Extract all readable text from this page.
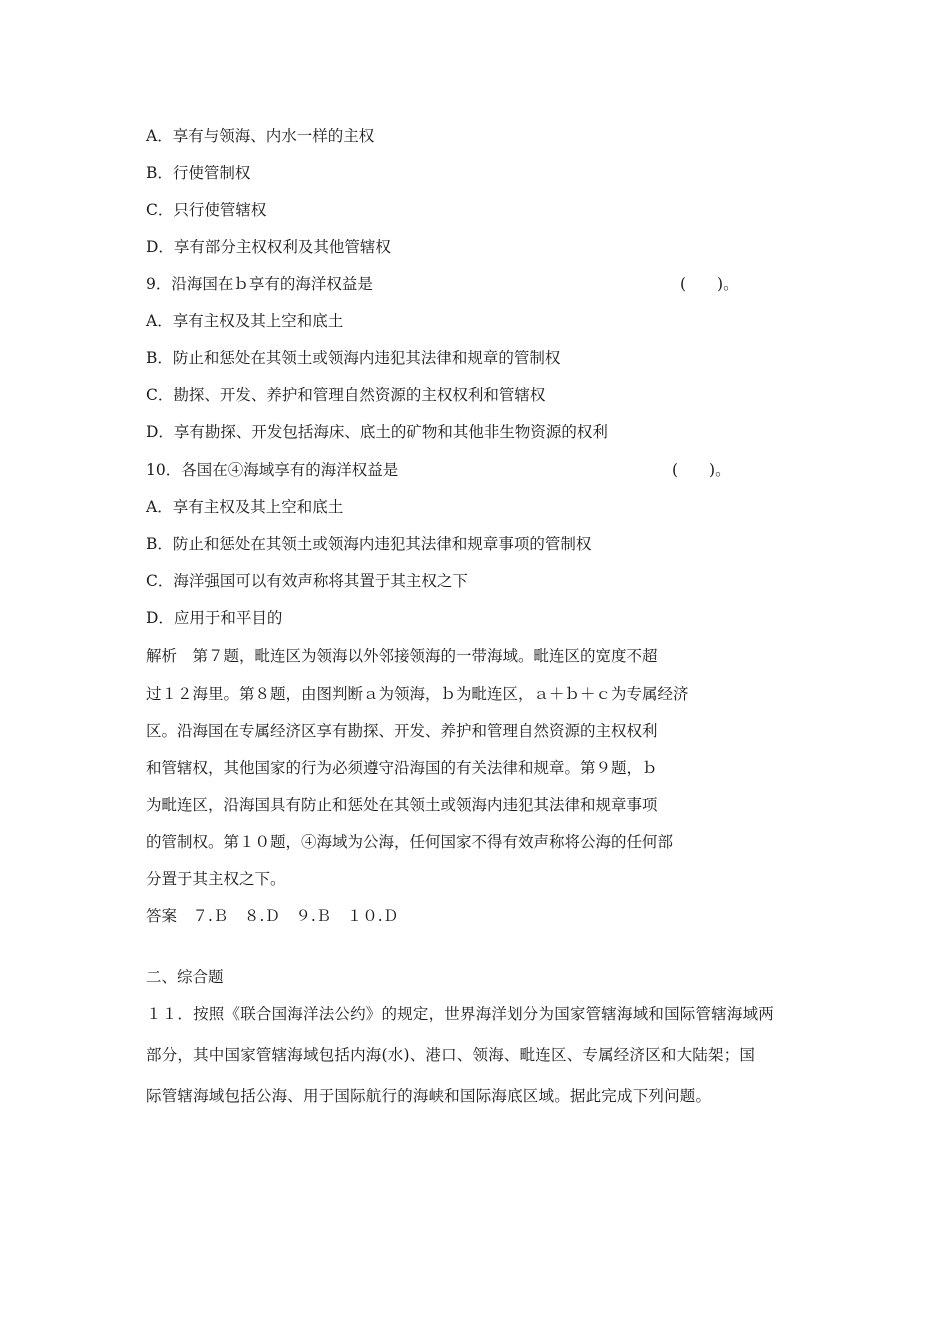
A．享有与领海、内水一样的主权
B．行使管制权
C．只行使管辖权
D．享有部分主权权利及其他管辖权
9．沿海国在ｂ享有的海洋权益是	(　　)。
A．享有主权及其上空和底土
B．防止和惩处在其领土或领海内违犯其法律和规章的管制权
C．勘探、开发、养护和管理自然资源的主权权利和管辖权
D．享有勘探、开发包括海床、底土的矿物和其他非生物资源的权利
10．各国在④海域享有的海洋权益是	(　　)。
A．享有主权及其上空和底土
B．防止和惩处在其领土或领海内违犯其法律和规章事项的管制权
C．海洋强国可以有效声称将其置于其主权之下
D．应用于和平目的
解析　第７题，毗连区为领海以外邻接领海的一带海域。毗连区的宽度不超
过１２海里。第８题，由图判断ａ为领海，ｂ为毗连区，ａ＋ｂ＋ｃ为专属经济
区。沿海国在专属经济区享有勘探、开发、养护和管理自然资源的主权权利
和管辖权，其他国家的行为必须遵守沿海国的有关法律和规章。第９题，ｂ
为毗连区，沿海国具有防止和惩处在其领土或领海内违犯其法律和规章事项
的管制权。第１０题，④海域为公海，任何国家不得有效声称将公海的任何部
分置于其主权之下。
答案　７.Ｂ　８.Ｄ　９.Ｂ　１０.Ｄ
二、综合题
１１．按照《联合国海洋法公约》的规定，世界海洋划分为国家管辖海域和国际管辖海域两
部分，其中国家管辖海域包括内海(水)、港口、领海、毗连区、专属经济区和大陆架；国
际管辖海域包括公海、用于国际航行的海峡和国际海底区域。据此完成下列问题。
